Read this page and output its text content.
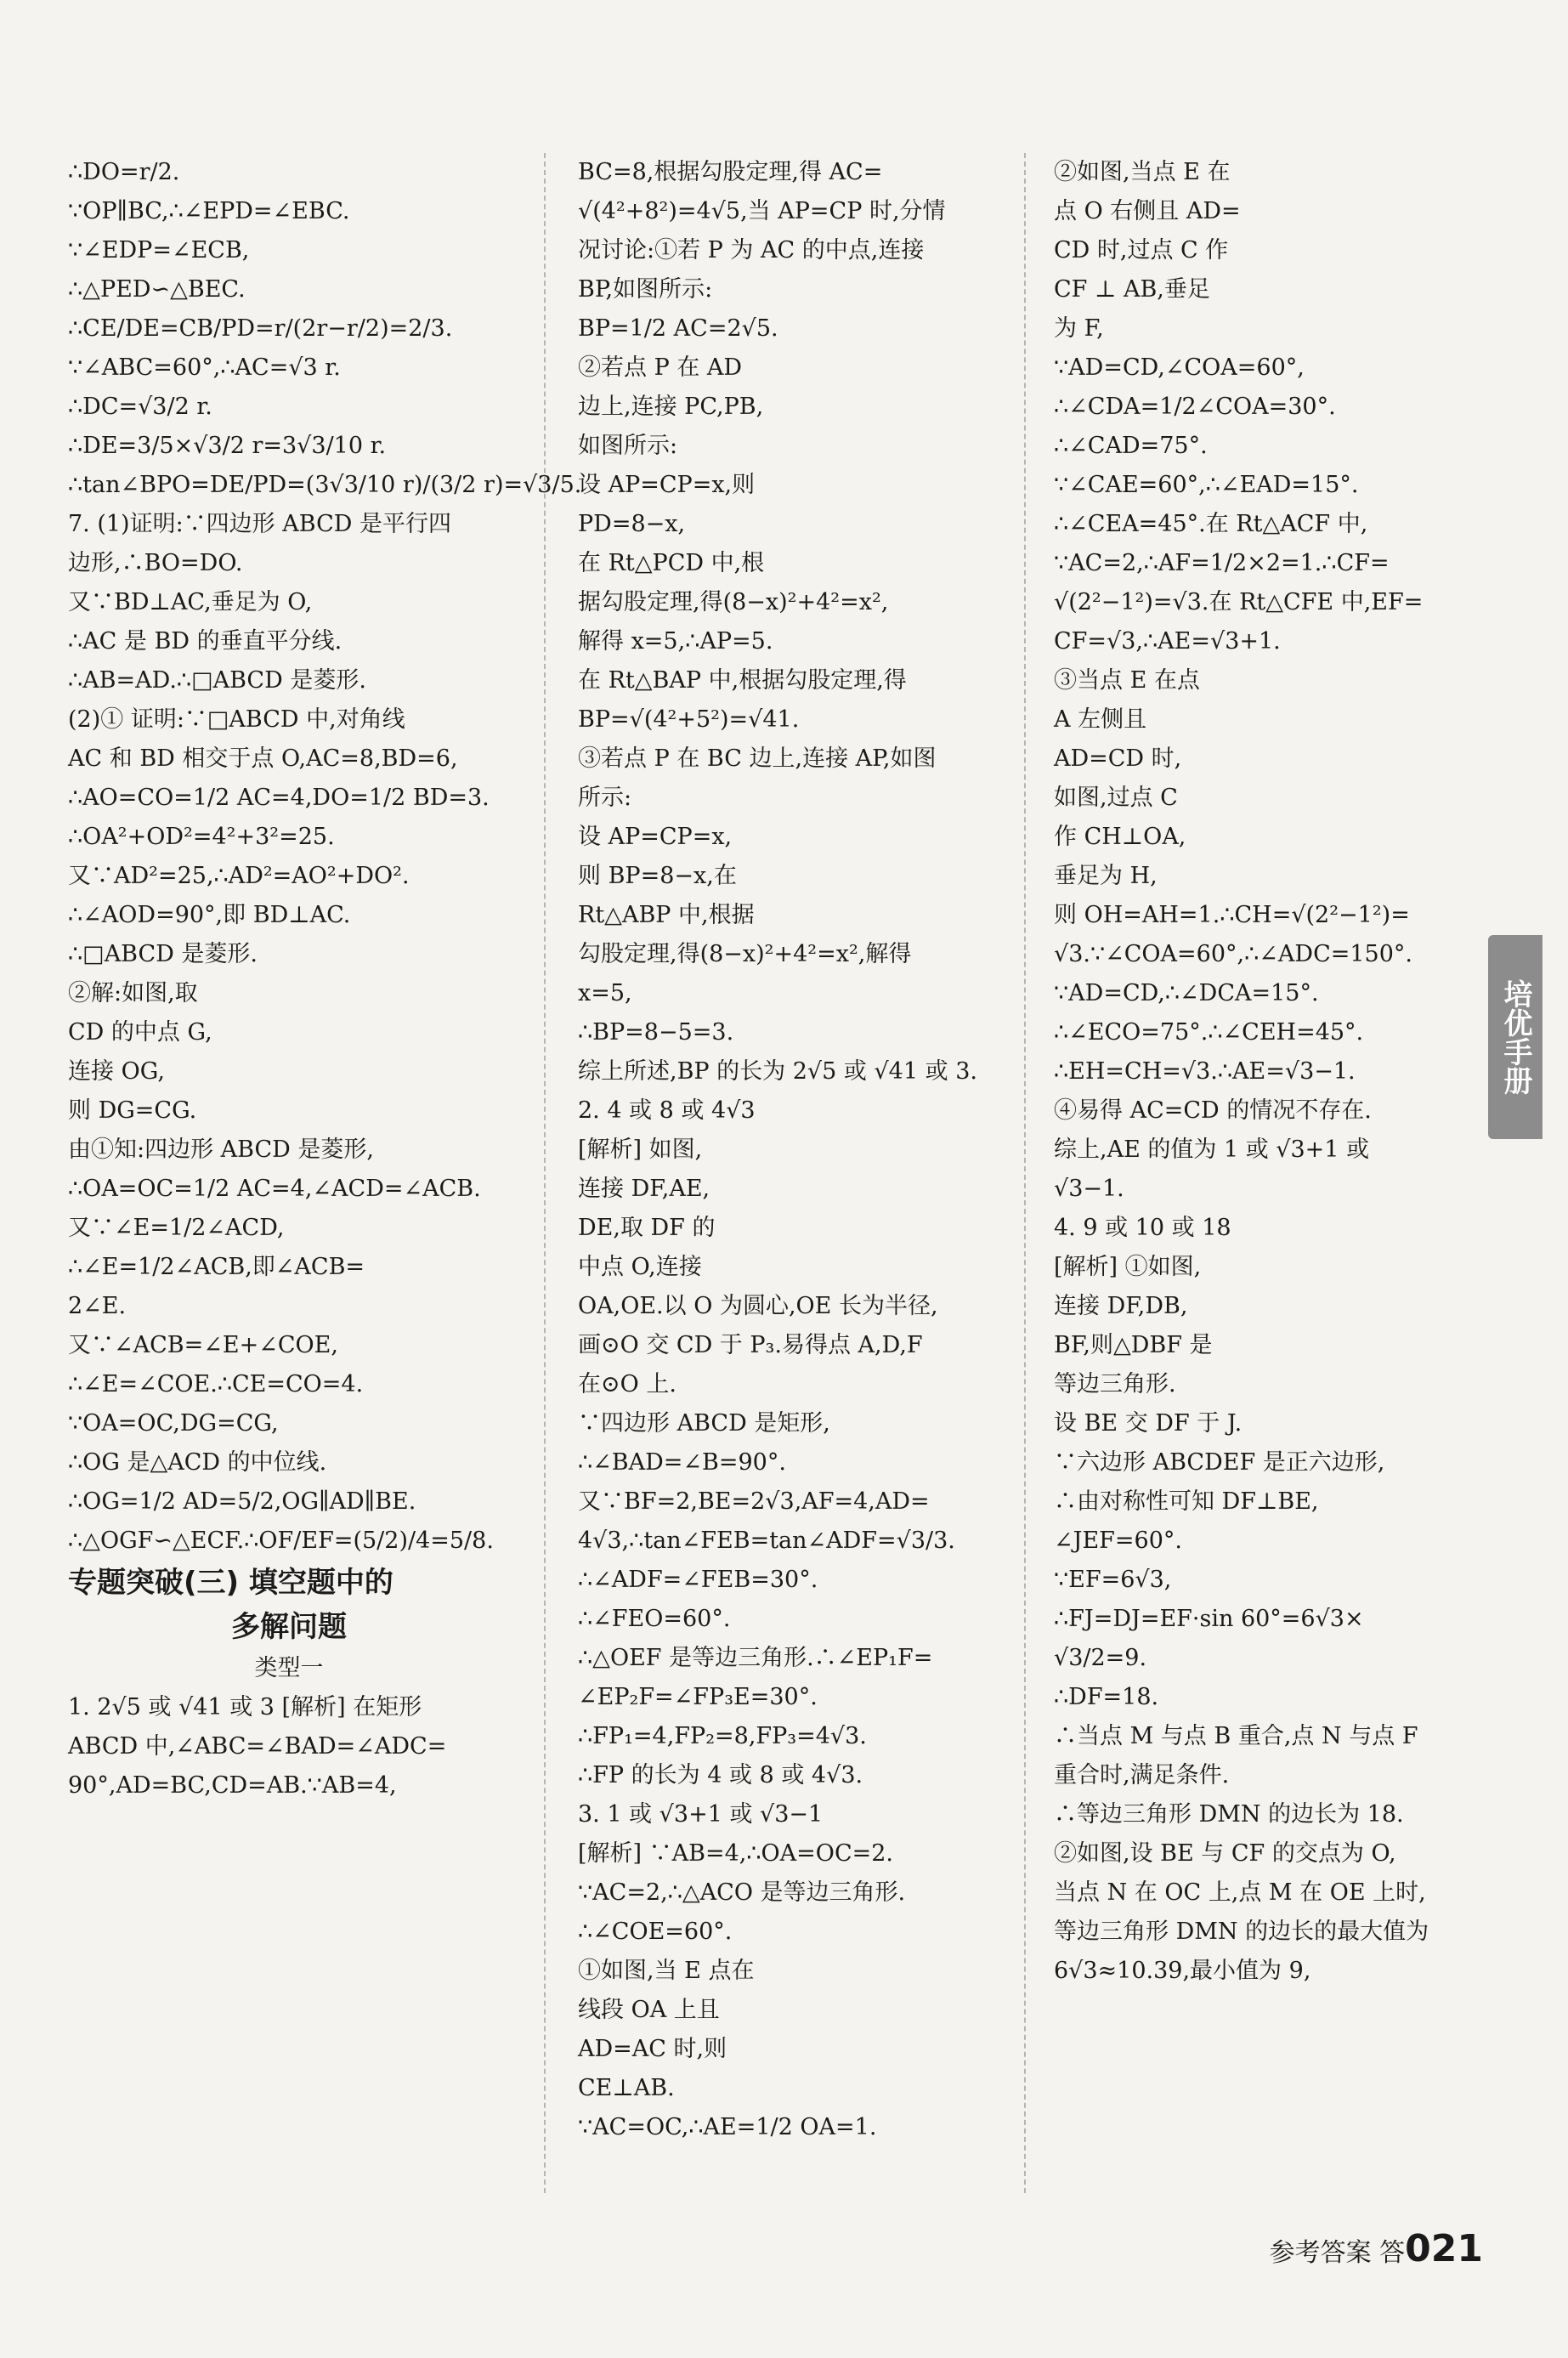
∴DO=r/2.
∵OP∥BC,∴∠EPD=∠EBC.
∵∠EDP=∠ECB,
∴△PED∽△BEC.
∴CE/DE=CB/PD=r/(2r−r/2)=2/3.
∵∠ABC=60°,∴AC=√3 r.
∴DC=√3/2 r.
∴DE=3/5×√3/2 r=3√3/10 r.
∴tan∠BPO=DE/PD=(3√3/10 r)/(3/2 r)=√3/5.
7. (1)证明:∵四边形 ABCD 是平行四
边形,∴BO=DO.
又∵BD⊥AC,垂足为 O,
∴AC 是 BD 的垂直平分线.
∴AB=AD.∴□ABCD 是菱形.
(2)① 证明:∵□ABCD 中,对角线
AC 和 BD 相交于点 O,AC=8,BD=6,
∴AO=CO=1/2 AC=4,DO=1/2 BD=3.
∴OA²+OD²=4²+3²=25.
又∵AD²=25,∴AD²=AO²+DO².
∴∠AOD=90°,即 BD⊥AC.
∴□ABCD 是菱形.
②解:如图,取
CD 的中点 G,
连接 OG,
则 DG=CG.
由①知:四边形 ABCD 是菱形,
∴OA=OC=1/2 AC=4,∠ACD=∠ACB.
又∵∠E=1/2∠ACD,
∴∠E=1/2∠ACB,即∠ACB=
2∠E.
又∵∠ACB=∠E+∠COE,
∴∠E=∠COE.∴CE=CO=4.
∵OA=OC,DG=CG,
∴OG 是△ACD 的中位线.
∴OG=1/2 AD=5/2,OG∥AD∥BE.
∴△OGF∽△ECF.∴OF/EF=(5/2)/4=5/8.
专题突破(三) 填空题中的
多解问题
类型一
1. 2√5 或 √41 或 3 [解析] 在矩形
ABCD 中,∠ABC=∠BAD=∠ADC=
90°,AD=BC,CD=AB.∵AB=4,
BC=8,根据勾股定理,得 AC=
√(4²+8²)=4√5,当 AP=CP 时,分情
况讨论:①若 P 为 AC 的中点,连接
BP,如图所示:
BP=1/2 AC=2√5.
②若点 P 在 AD
边上,连接 PC,PB,
如图所示:
设 AP=CP=x,则
PD=8−x,
在 Rt△PCD 中,根
据勾股定理,得(8−x)²+4²=x²,
解得 x=5,∴AP=5.
在 Rt△BAP 中,根据勾股定理,得
BP=√(4²+5²)=√41.
③若点 P 在 BC 边上,连接 AP,如图
所示:
设 AP=CP=x,
则 BP=8−x,在
Rt△ABP 中,根据
勾股定理,得(8−x)²+4²=x²,解得
x=5,
∴BP=8−5=3.
综上所述,BP 的长为 2√5 或 √41 或 3.
2. 4 或 8 或 4√3
[解析] 如图,
连接 DF,AE,
DE,取 DF 的
中点 O,连接
OA,OE.以 O 为圆心,OE 长为半径,
画⊙O 交 CD 于 P₃.易得点 A,D,F
在⊙O 上.
∵四边形 ABCD 是矩形,
∴∠BAD=∠B=90°.
又∵BF=2,BE=2√3,AF=4,AD=
4√3,∴tan∠FEB=tan∠ADF=√3/3.
∴∠ADF=∠FEB=30°.
∴∠FEO=60°.
∴△OEF 是等边三角形.∴∠EP₁F=
∠EP₂F=∠FP₃E=30°.
∴FP₁=4,FP₂=8,FP₃=4√3.
∴FP 的长为 4 或 8 或 4√3.
3. 1 或 √3+1 或 √3−1
[解析] ∵AB=4,∴OA=OC=2.
∵AC=2,∴△ACO 是等边三角形.
∴∠COE=60°.
①如图,当 E 点在
线段 OA 上且
AD=AC 时,则
CE⊥AB.
∵AC=OC,∴AE=1/2 OA=1.
②如图,当点 E 在
点 O 右侧且 AD=
CD 时,过点 C 作
CF ⊥ AB,垂足
为 F,
∵AD=CD,∠COA=60°,
∴∠CDA=1/2∠COA=30°.
∴∠CAD=75°.
∵∠CAE=60°,∴∠EAD=15°.
∴∠CEA=45°.在 Rt△ACF 中,
∵AC=2,∴AF=1/2×2=1.∴CF=
√(2²−1²)=√3.在 Rt△CFE 中,EF=
CF=√3,∴AE=√3+1.
③当点 E 在点
A 左侧且
AD=CD 时,
如图,过点 C
作 CH⊥OA,
垂足为 H,
则 OH=AH=1.∴CH=√(2²−1²)=
√3.∵∠COA=60°,∴∠ADC=150°.
∵AD=CD,∴∠DCA=15°.
∴∠ECO=75°.∴∠CEH=45°.
∴EH=CH=√3.∴AE=√3−1.
④易得 AC=CD 的情况不存在.
综上,AE 的值为 1 或 √3+1 或
√3−1.
4. 9 或 10 或 18
[解析] ①如图,
连接 DF,DB,
BF,则△DBF 是
等边三角形.
设 BE 交 DF 于 J.
∵六边形 ABCDEF 是正六边形,
∴由对称性可知 DF⊥BE,
∠JEF=60°.
∵EF=6√3,
∴FJ=DJ=EF·sin 60°=6√3×
√3/2=9.
∴DF=18.
∴当点 M 与点 B 重合,点 N 与点 F
重合时,满足条件.
∴等边三角形 DMN 的边长为 18.
②如图,设 BE 与 CF 的交点为 O,
当点 N 在 OC 上,点 M 在 OE 上时,
等边三角形 DMN 的边长的最大值为
6√3≈10.39,最小值为 9,
培优手册
参考答案 答021
